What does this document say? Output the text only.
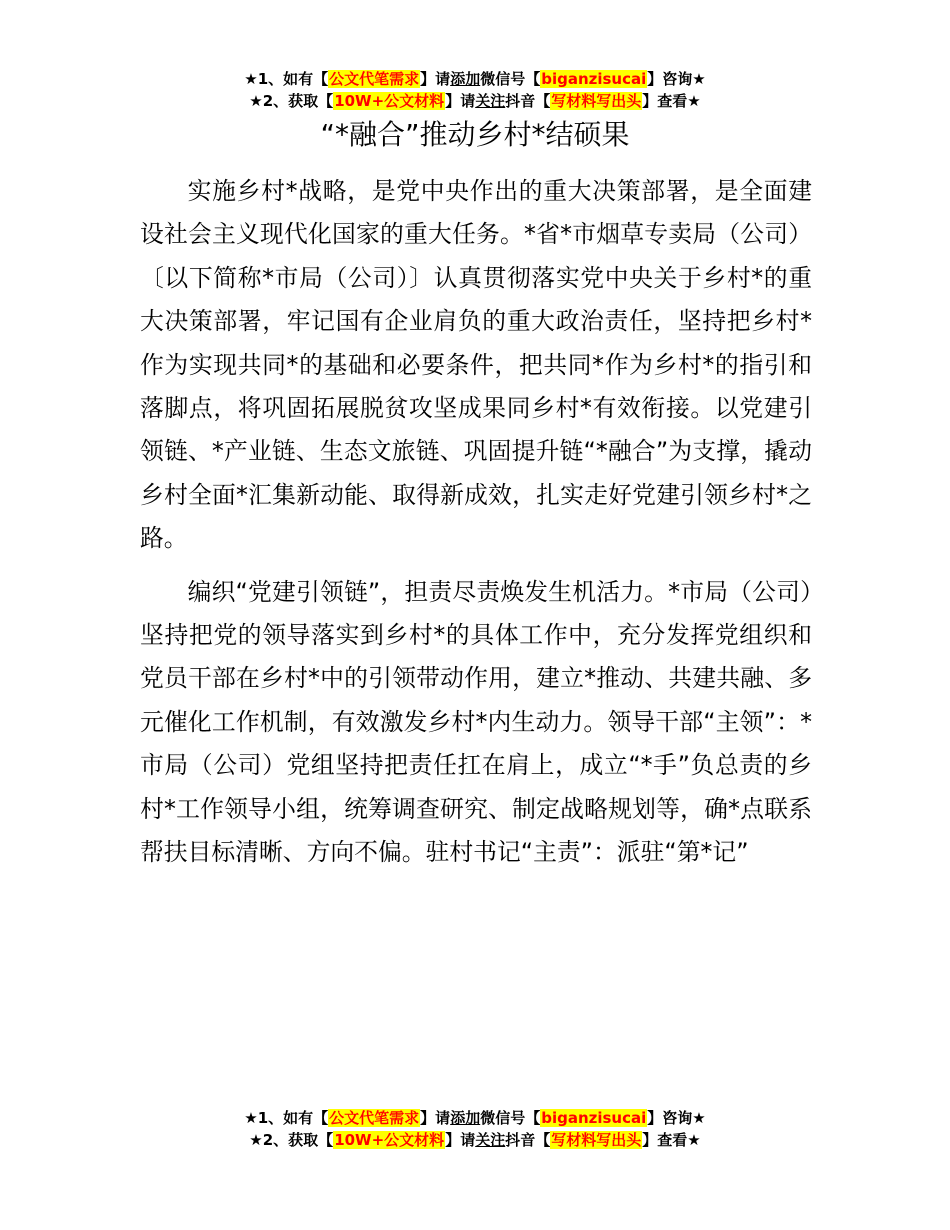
★1、如有【公文代笔需求】请添加微信号【biganzisucai】咨询★
★2、获取【10W+公文材料】请关注抖音【写材料写出头】查看★
“*融合”推动乡村*结硕果

实施乡村*战略，是党中央作出的重大决策部署，是全面建设社会主义现代化国家的重大任务。*省*市烟草专卖局（公司）〔以下简称*市局（公司）〕认真贯彻落实党中央关于乡村*的重大决策部署，牢记国有企业肩负的重大政治责任，坚持把乡村*作为实现共同*的基础和必要条件，把共同*作为乡村*的指引和落脚点，将巩固拓展脱贫攻坚成果同乡村*有效衔接。以党建引领链、*产业链、生态文旅链、巩固提升链“*融合”为支撑，撬动乡村全面*汇集新动能、取得新成效，扎实走好党建引领乡村*之路。

编织“党建引领链”，担责尽责焕发生机活力。*市局（公司）坚持把党的领导落实到乡村*的具体工作中，充分发挥党组织和党员干部在乡村*中的引领带动作用，建立*推动、共建共融、多元催化工作机制，有效激发乡村*内生动力。领导干部“主领”：*市局（公司）党组坚持把责任扛在肩上，成立“*手”负总责的乡村*工作领导小组，统筹调查研究、制定战略规划等，确*点联系帮扶目标清晰、方向不偏。驻村书记“主责”：派驻“第*记”

★1、如有【公文代笔需求】请添加微信号【biganzisucai】咨询★
★2、获取【10W+公文材料】请关注抖音【写材料写出头】查看★
